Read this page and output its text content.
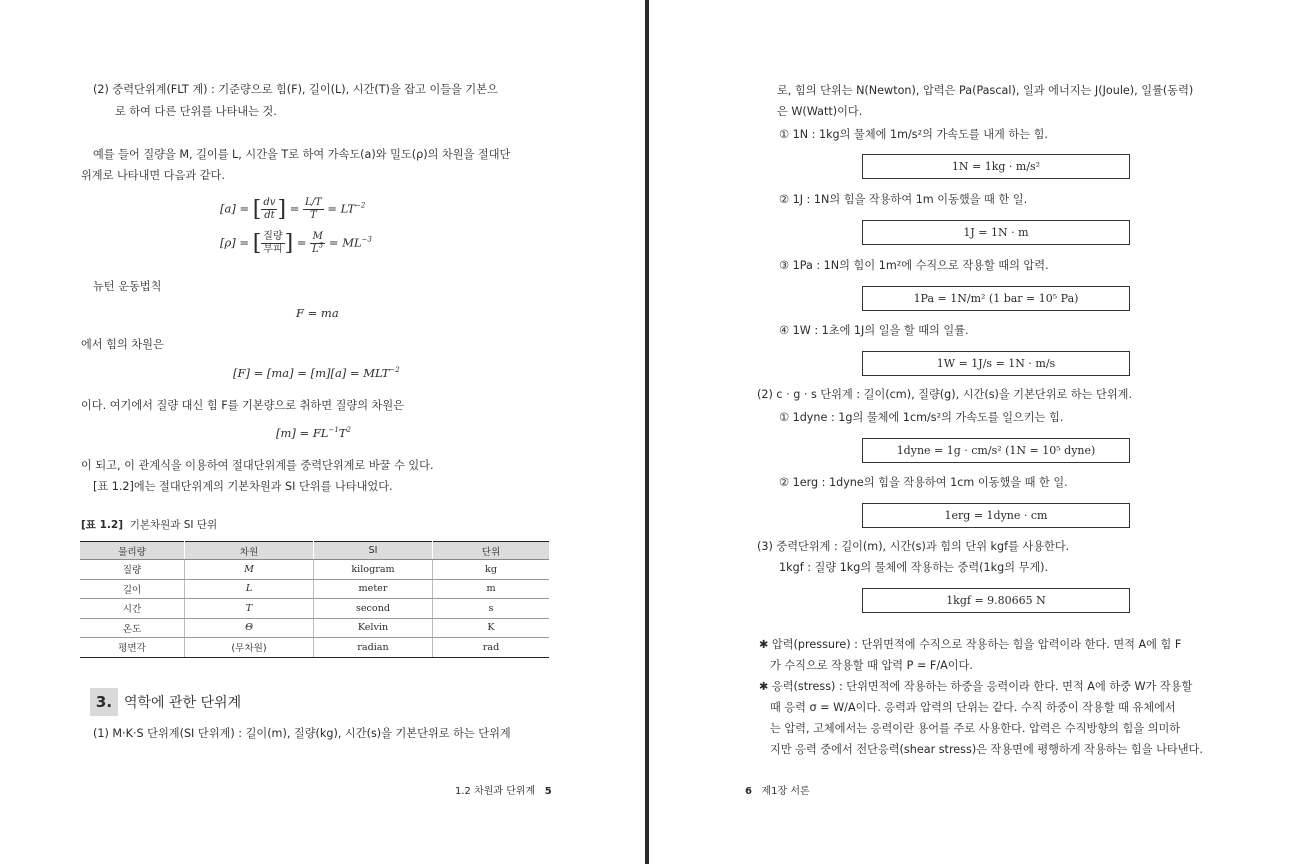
(2) 중력단위계(FLT 계) : 기준량으로 힘(F), 길이(L), 시간(T)을 잡고 이들을 기본으
로 하여 다른 단위를 나타내는 것.
예를 들어 질량을 M, 길이를 L, 시간을 T로 하여 가속도(a)와 밀도(ρ)의 차원을 절대단
위계로 나타내면 다음과 같다.
[a] = [ $\frac{dv}{dt}$ ] = $\frac{L/T}{T} = LT^{-2}$
[ρ] = [ $\frac{\text{질량}}{\text{부피}}$ ] = $\frac{M}{L^3} = ML^{-3}$
뉴턴 운동법칙
F = ma
에서 힘의 차원은
$[F] = [ma] = [m][a] = MLT^{-2}$
이다. 여기에서 질량 대신 힘 F를 기본량으로 취하면 질량의 차원은
$[m] = FL^{-1}T^2$
이 되고, 이 관계식을 이용하여 절대단위계를 중력단위계로 바꿀 수 있다.
[표 1.2]에는 절대단위계의 기본차원과 SI 단위를 나타내었다.
[표 1.2] 기본차원과 SI 단위
물리량	차원	SI	단위
질량	M	kilogram	kg
길이	L	meter	m
시간	T	second	s
온도	Θ	Kelvin	K
평면각	(무차원)	radian	rad
3. 역학에 관한 단위계
(1) M·K·S 단위계(SI 단위계) : 길이(m), 질량(kg), 시간(s)을 기본단위로 하는 단위계
1.2 차원과 단위계 5
로, 힘의 단위는 N(Newton), 압력은 Pa(Pascal), 일과 에너지는 J(Joule), 일률(동력)
은 W(Watt)이다.
① 1N : 1kg의 물체에 1m/s²의 가속도를 내게 하는 힘.
1N = 1kg · m/s²
② 1J : 1N의 힘을 작용하여 1m 이동했을 때 한 일.
1J = 1N · m
③ 1Pa : 1N의 힘이 1m²에 수직으로 작용할 때의 압력.
1Pa = 1N/m² (1 bar = 10⁵ Pa)
④ 1W : 1초에 1J의 일을 할 때의 일률.
1W = 1J/s = 1N · m/s
(2) c · g · s 단위계 : 길이(cm), 질량(g), 시간(s)을 기본단위로 하는 단위계.
① 1dyne : 1g의 물체에 1cm/s²의 가속도를 일으키는 힘.
1dyne = 1g · cm/s² (1N = 10⁵ dyne)
② 1erg : 1dyne의 힘을 작용하여 1cm 이동했을 때 한 일.
1erg = 1dyne · cm
(3) 중력단위계 : 길이(m), 시간(s)과 힘의 단위 kgf를 사용한다.
1kgf : 질량 1kg의 물체에 작용하는 중력(1kg의 무게).
1kgf = 9.80665 N
✱ 압력(pressure) : 단위면적에 수직으로 작용하는 힘을 압력이라 한다. 면적 A에 힘 F
가 수직으로 작용할 때 압력 P = F/A이다.
✱ 응력(stress) : 단위면적에 작용하는 하중을 응력이라 한다. 면적 A에 하중 W가 작용할
때 응력 σ = W/A이다. 응력과 압력의 단위는 같다. 수직 하중이 작용할 때 유체에서
는 압력, 고체에서는 응력이란 용어를 주로 사용한다. 압력은 수직방향의 힘을 의미하
지만 응력 중에서 전단응력(shear stress)은 작용면에 평행하게 작용하는 힘을 나타낸다.
6 제1장 서론
